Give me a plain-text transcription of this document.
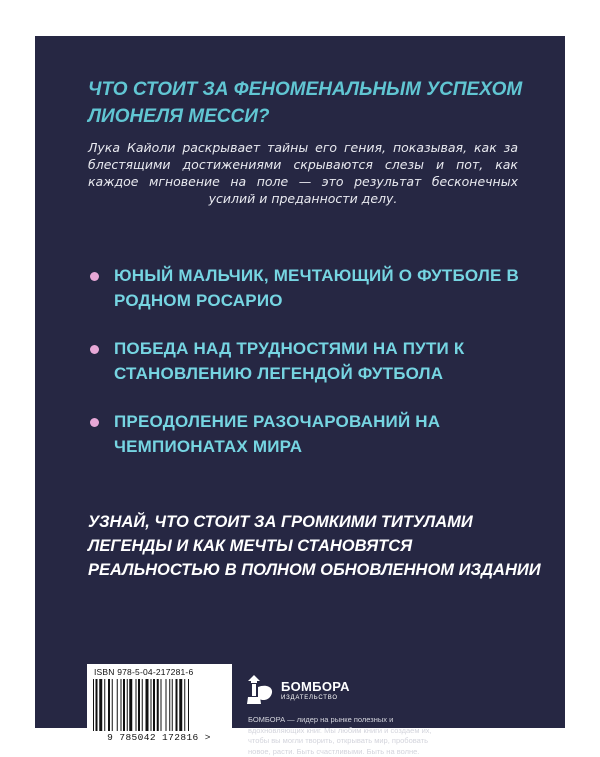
ЧТО СТОИТ ЗА ФЕНОМЕНАЛЬНЫМ УСПЕХОМ ЛИОНЕЛЯ МЕССИ?

Лука Кайоли раскрывает тайны его гения, показывая, как за блестящими достижениями скрываются слезы и пот, как каждое мгновение на поле — это результат бесконечных усилий и преданности делу.

ЮНЫЙ МАЛЬЧИК, МЕЧТАЮЩИЙ О ФУТБОЛЕ В РОДНОМ РОСАРИО
ПОБЕДА НАД ТРУДНОСТЯМИ НА ПУТИ К СТАНОВЛЕНИЮ ЛЕГЕНДОЙ ФУТБОЛА
ПРЕОДОЛЕНИЕ РАЗОЧАРОВАНИЙ НА ЧЕМПИОНАТАХ МИРА

УЗНАЙ, ЧТО СТОИТ ЗА ГРОМКИМИ ТИТУЛАМИ ЛЕГЕНДЫ И КАК МЕЧТЫ СТАНОВЯТСЯ РЕАЛЬНОСТЬЮ В ПОЛНОМ ОБНОВЛЕННОМ ИЗДАНИИ

ISBN 978-5-04-217281-6
9 785042 172816 >
БОМБОРА
ИЗДАТЕЛЬСТВО

БОМБОРА — лидер на рынке полезных и вдохновляющих книг. Мы любим книги и создаем их, чтобы вы могли творить, открывать мир, пробовать новое, расти. Быть счастливыми. Быть на волне.
